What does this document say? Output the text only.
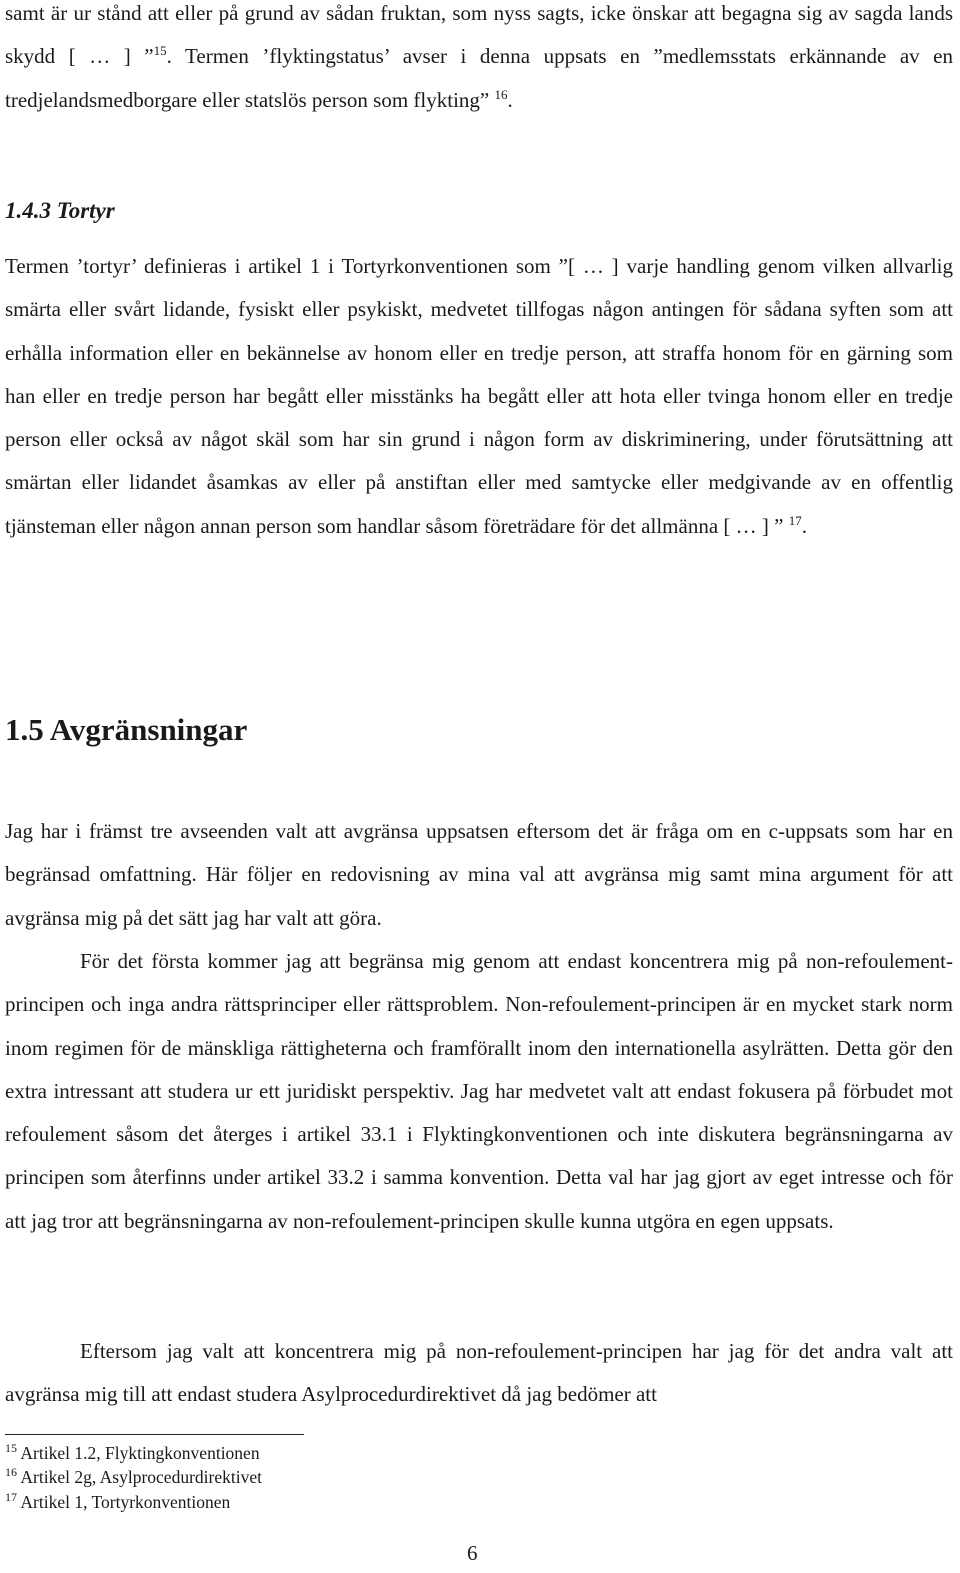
samt är ur stånd att eller på grund av sådan fruktan, som nyss sagts, icke önskar att begagna sig av sagda lands skydd [ … ] ”$^{15}$. Termen ’flyktingstatus’ avser i denna uppsats en ”medlemsstats erkännande av en tredjelandsmedborgare eller statslös person som flykting” $^{16}$.

1.4.3 Tortyr

Termen ’tortyr’ definieras i artikel 1 i Tortyrkonventionen som ”[ … ] varje handling genom vilken allvarlig smärta eller svårt lidande, fysiskt eller psykiskt, medvetet tillfogas någon antingen för sådana syften som att erhålla information eller en bekännelse av honom eller en tredje person, att straffa honom för en gärning som han eller en tredje person har begått eller misstänks ha begått eller att hota eller tvinga honom eller en tredje person eller också av något skäl som har sin grund i någon form av diskriminering, under förutsättning att smärtan eller lidandet åsamkas av eller på anstiftan eller med samtycke eller medgivande av en offentlig tjänsteman eller någon annan person som handlar såsom företrädare för det allmänna [ … ] ” $^{17}$.

1.5 Avgränsningar

Jag har i främst tre avseenden valt att avgränsa uppsatsen eftersom det är fråga om en c-uppsats som har en begränsad omfattning. Här följer en redovisning av mina val att avgränsa mig samt mina argument för att avgränsa mig på det sätt jag har valt att göra.

För det första kommer jag att begränsa mig genom att endast koncentrera mig på non-refoulement-principen och inga andra rättsprinciper eller rättsproblem. Non-refoulement-principen är en mycket stark norm inom regimen för de mänskliga rättigheterna och framförallt inom den internationella asylrätten. Detta gör den extra intressant att studera ur ett juridiskt perspektiv. Jag har medvetet valt att endast fokusera på förbudet mot refoulement såsom det återges i artikel 33.1 i Flyktingkonventionen och inte diskutera begränsningarna av principen som återfinns under artikel 33.2 i samma konvention. Detta val har jag gjort av eget intresse och för att jag tror att begränsningarna av non-refoulement-principen skulle kunna utgöra en egen uppsats.

Eftersom jag valt att koncentrera mig på non-refoulement-principen har jag för det andra valt att avgränsa mig till att endast studera Asylprocedurdirektivet då jag bedömer att

$^{15}$ Artikel 1.2, Flyktingkonventionen
$^{16}$ Artikel 2g, Asylprocedurdirektivet
$^{17}$ Artikel 1, Tortyrkonventionen
6
